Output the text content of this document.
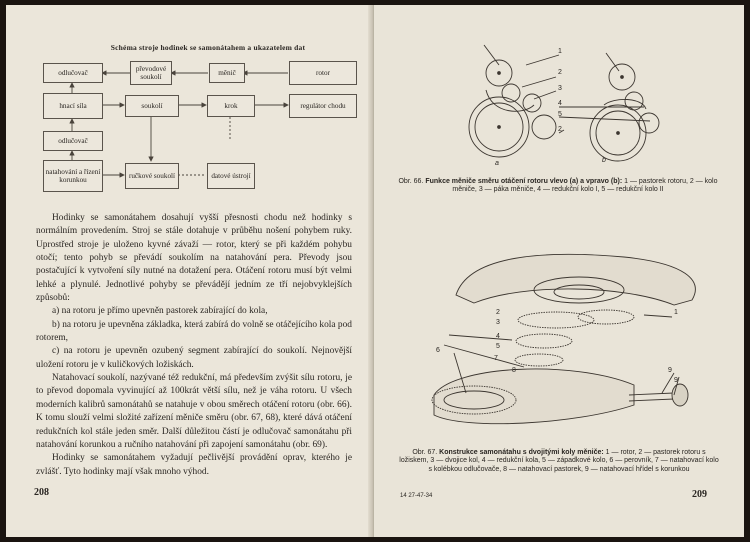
Schéma stroje hodinek se samonátahem a ukazatelem dat
odlučovač	převodové soukolí	měnič	rotor
hnací síla	soukolí	krok	regulátor chodu
odlučovač
natahování a řízení korunkou	ručkové soukolí	datové ústrojí

Hodinky se samonátahem dosahují vyšší přesnosti chodu než hodinky s normálním provedením. Stroj se stále dotahuje v průběhu nošení pohybem ruky. Uprostřed stroje je uloženo kyvné závaží — rotor, který se při každém pohybu otočí; tento pohyb se převádí soukolím na natahování pera. Převody jsou postačující k vytvoření síly nutné na dotažení pera. Otáčení rotoru musí být velmi lehké a plynulé. Jednotlivé pohyby se převádějí jedním ze tří nejobvyklejších způsobů:

a) na rotoru je přímo upevněn pastorek zabírající do kola,

b) na rotoru je upevněna základka, která zabírá do volně se otáčejícího kola pod rotorem,

c) na rotoru je upevněn ozubený segment zabírající do soukolí. Nejnovější uložení rotoru je v kuličkových ložiskách.

Natahovací soukolí, nazývané též redukční, má především zvýšit sílu rotoru, je to převod dopomala vyvinující až 100krát větší sílu, než je váha rotoru. U všech moderních kalibrů samonátahů se natahuje v obou směrech otáčení rotoru (obr. 66). K tomu slouží velmi složité zařízení měniče směru (obr. 67, 68), které dává otáčení redukčních kol stále jeden směr. Další důležitou částí je odlučovač samonátahu při natahování korunkou a ručního natahování při zapojení samonátahu (obr. 69).

Hodinky se samonátahem vyžadují pečlivější provádění oprav, kterého je zvlášť. Tyto hodinky mají však mnoho výhod.

208
1
2
3
4
5
2
a	b
Obr. 66. Funkce měniče směru otáčení rotoru vlevo (a) a vpravo (b): 1 — pastorek rotoru, 2 — kolo měniče, 3 — páka měniče, 4 — redukční kolo I, 5 — redukční kolo II
1
2
3
4
5
6
7
8	9
9
Obr. 67. Konstrukce samonátahu s dvojitými koly měniče: 1 — rotor, 2 — pastorek rotoru s ložiskem, 3 — dvojice kol, 4 — redukční kola, 5 — západkové kolo, 6 — perovník, 7 — natahovací kolo s kolébkou odlučovače, 8 — natahovací pastorek, 9 — natahovací hřídel s korunkou
14 27-47-34	209
